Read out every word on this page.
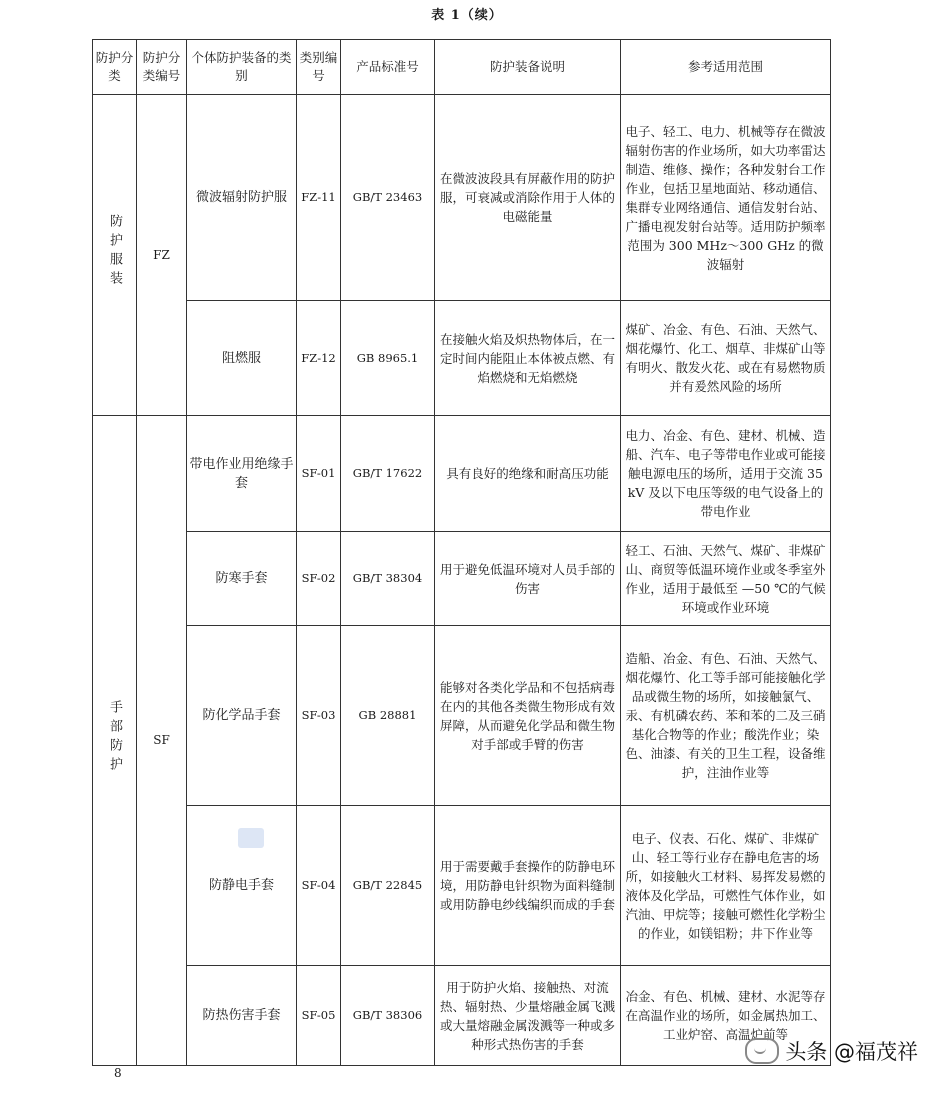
表 1（续）
防护分类	防护分类编号	个体防护装备的类别	类别编号	产品标准号	防护装备说明	参考适用范围
防护服装	FZ	微波辐射防护服	FZ-11	GB/T 23463	在微波波段具有屏蔽作用的防护服，可衰减或消除作用于人体的电磁能量	电子、轻工、电力、机械等存在微波辐射伤害的作业场所，如大功率雷达制造、维修、操作；各种发射台工作作业，包括卫星地面站、移动通信、集群专业网络通信、通信发射台站、广播电视发射台站等。适用防护频率范围为 300 MHz～300 GHz 的微波辐射
		阻燃服	FZ-12	GB 8965.1	在接触火焰及炽热物体后，在一定时间内能阻止本体被点燃、有焰燃烧和无焰燃烧	煤矿、冶金、有色、石油、天然气、烟花爆竹、化工、烟草、非煤矿山等有明火、散发火花、或在有易燃物质并有爰然风险的场所
手部防护	SF	带电作业用绝缘手套	SF-01	GB/T 17622	具有良好的绝缘和耐高压功能	电力、冶金、有色、建材、机械、造船、汽车、电子等带电作业或可能接触电源电压的场所，适用于交流 35 kV 及以下电压等级的电气设备上的带电作业
		防寒手套	SF-02	GB/T 38304	用于避免低温环境对人员手部的伤害	轻工、石油、天然气、煤矿、非煤矿山、商贸等低温环境作业或冬季室外作业，适用于最低至 —50 ℃的气候环境或作业环境
		防化学品手套	SF-03	GB 28881	能够对各类化学品和不包括病毒在内的其他各类微生物形成有效屏障，从而避免化学品和微生物对手部或手臂的伤害	造船、冶金、有色、石油、天然气、烟花爆竹、化工等手部可能接触化学品或微生物的场所，如接触氯气、汞、有机磷农药、苯和苯的二及三硝基化合物等的作业；酸洗作业；染色、油漆、有关的卫生工程，设备维护，注油作业等
		防静电手套	SF-04	GB/T 22845	用于需要戴手套操作的防静电环境，用防静电针织物为面料缝制或用防静电纱线编织而成的手套	电子、仪表、石化、煤矿、非煤矿山、轻工等行业存在静电危害的场所，如接触火工材料、易挥发易燃的液体及化学品，可燃性气体作业，如汽油、甲烷等；接触可燃性化学粉尘的作业，如镁铝粉；井下作业等
		防热伤害手套	SF-05	GB/T 38306	用于防护火焰、接触热、对流热、辐射热、少量熔融金属飞溅或大量熔融金属泼溅等一种或多种形式热伤害的手套	冶金、有色、机械、建材、水泥等存在高温作业的场所，如金属热加工、工业炉窑、高温炉前等
8
头条 @福茂祥
